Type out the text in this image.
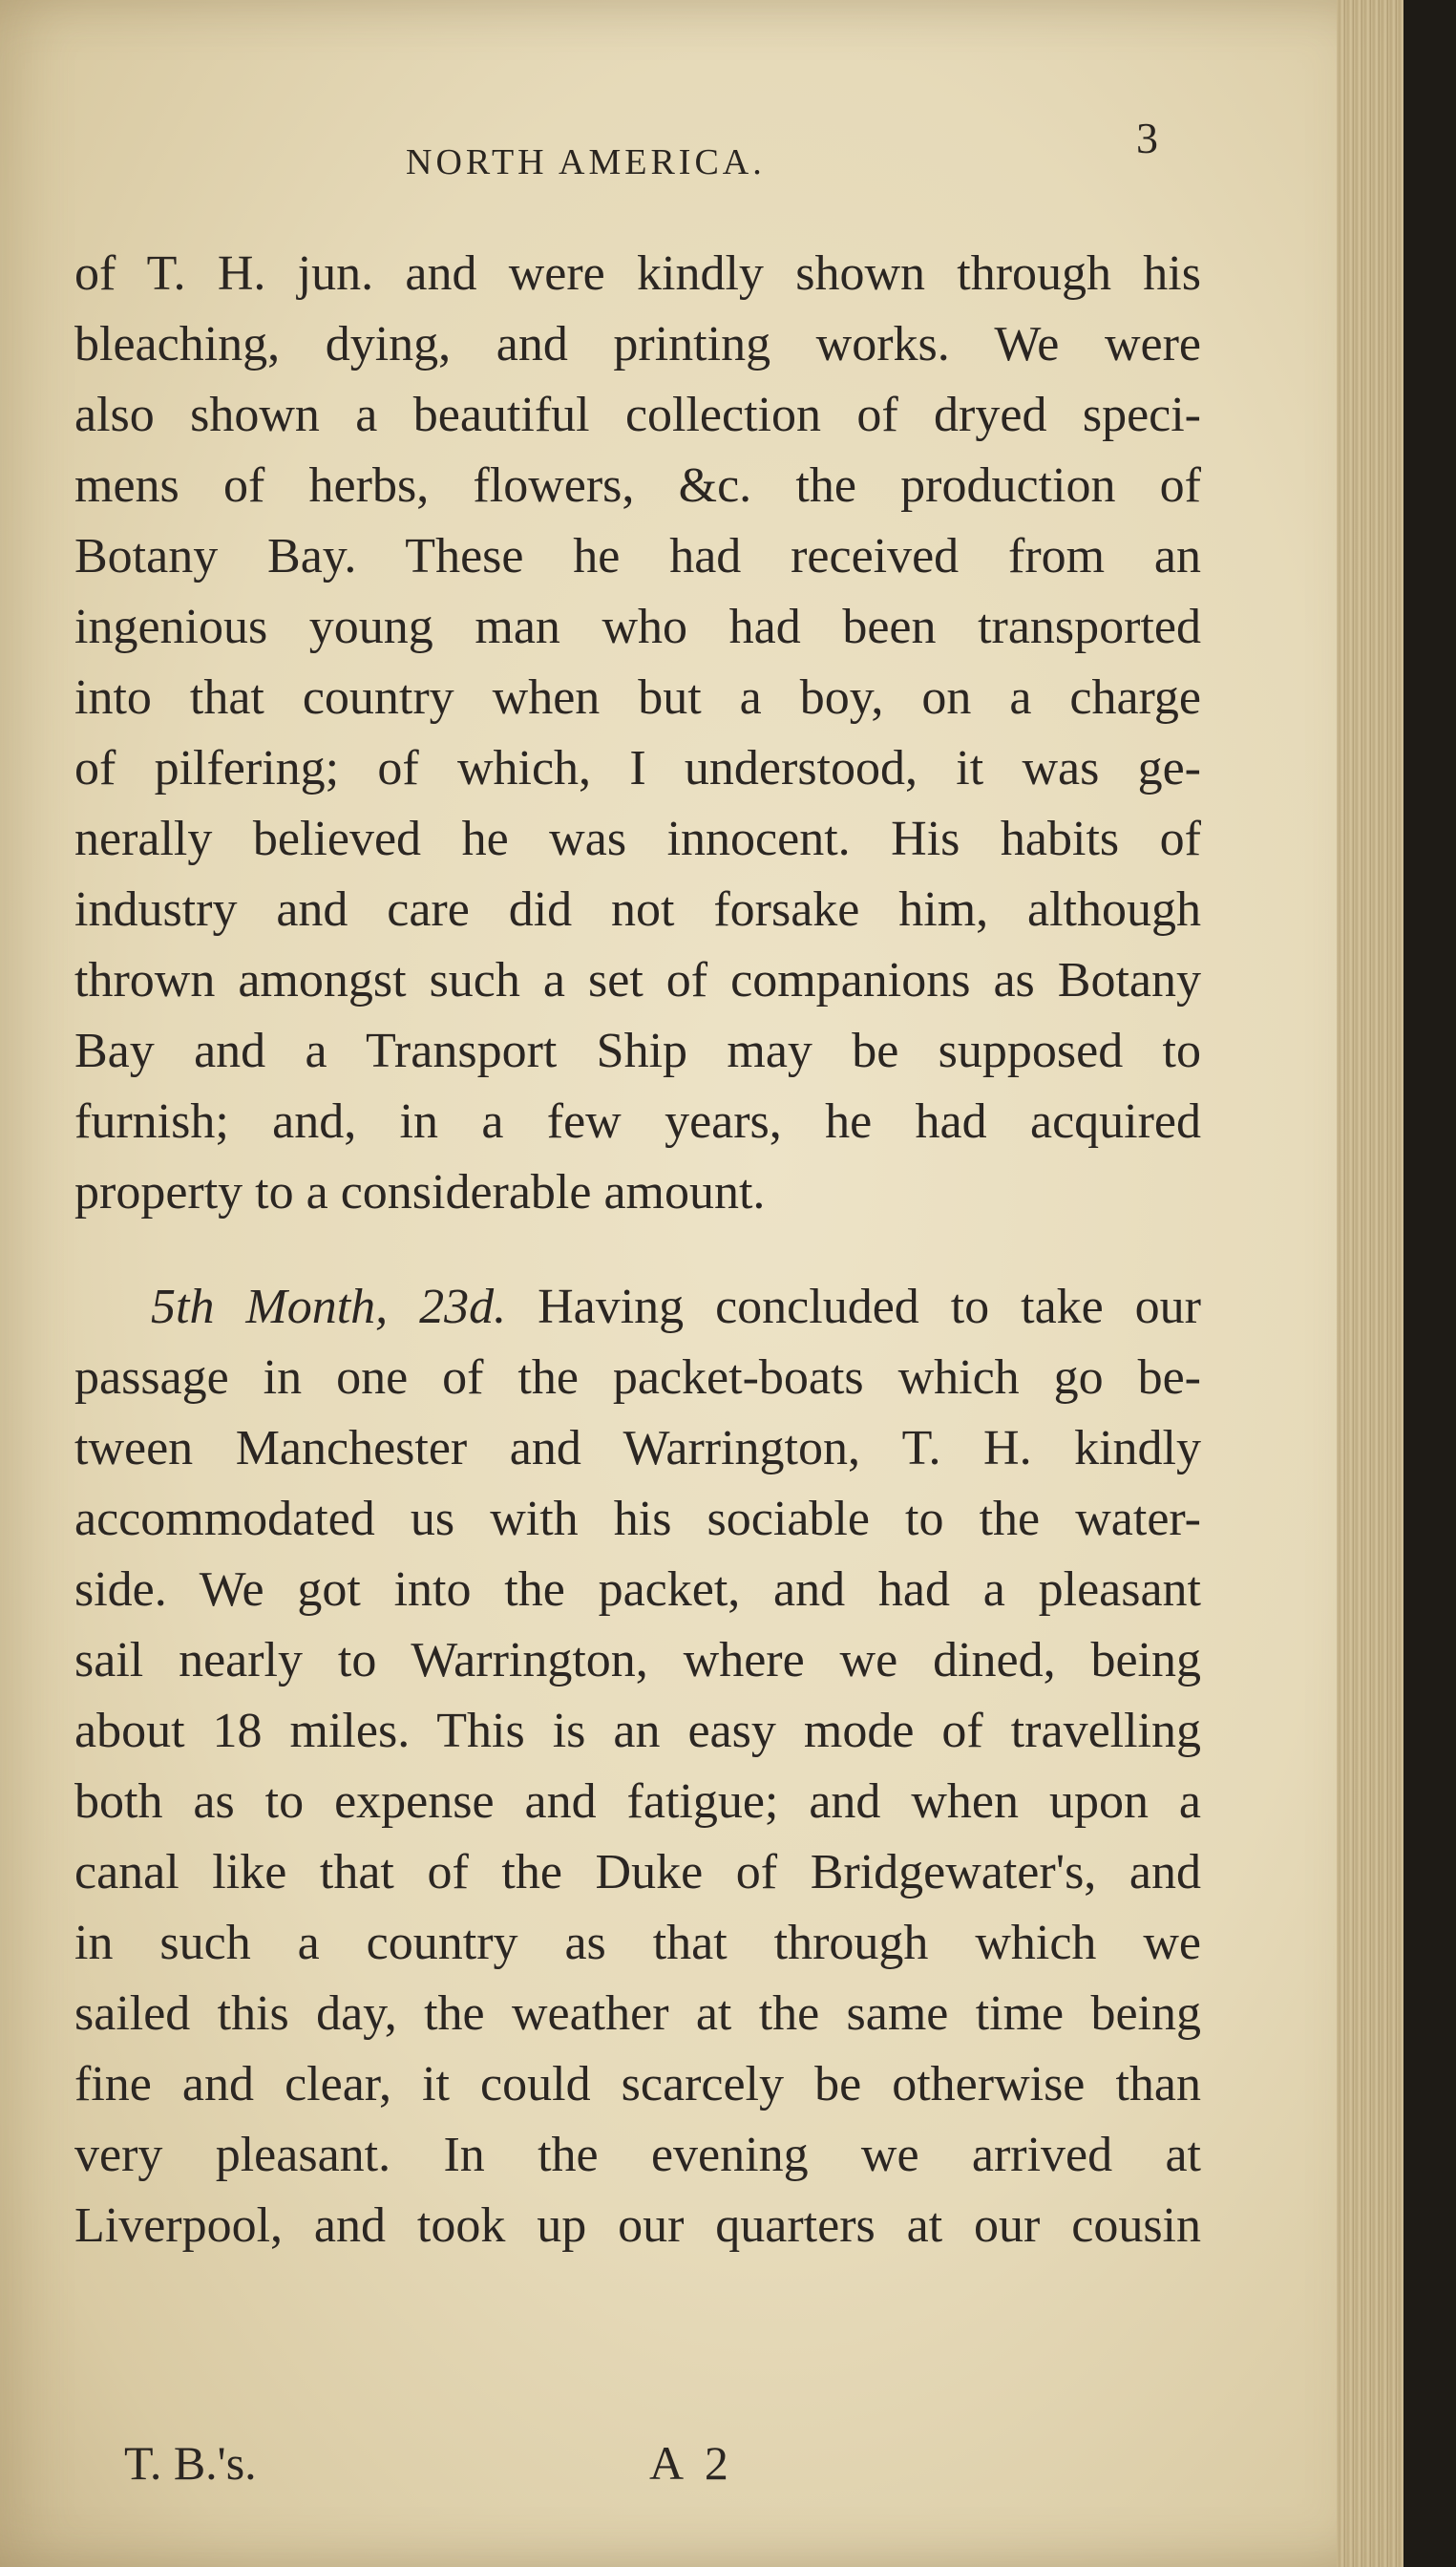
NORTH AMERICA.	3
of T. H. jun. and were kindly shown through his
bleaching, dying, and printing works. We were
also shown a beautiful collection of dryed speci-
mens of herbs, flowers, &c. the production of
Botany Bay. These he had received from an
ingenious young man who had been transported
into that country when but a boy, on a charge
of pilfering; of which, I understood, it was ge-
nerally believed he was innocent. His habits of
industry and care did not forsake him, although
thrown amongst such a set of companions as Botany
Bay and a Transport Ship may be supposed to
furnish; and, in a few years, he had acquired
property to a considerable amount.
5th Month, 23d. Having concluded to take our
passage in one of the packet-boats which go be-
tween Manchester and Warrington, T. H. kindly
accommodated us with his sociable to the water-
side. We got into the packet, and had a pleasant
sail nearly to Warrington, where we dined, being
about 18 miles. This is an easy mode of travelling
both as to expense and fatigue; and when upon a
canal like that of the Duke of Bridgewater's, and
in such a country as that through which we
sailed this day, the weather at the same time being
fine and clear, it could scarcely be otherwise than
very pleasant. In the evening we arrived at
Liverpool, and took up our quarters at our cousin
T. B.'s.	A 2
